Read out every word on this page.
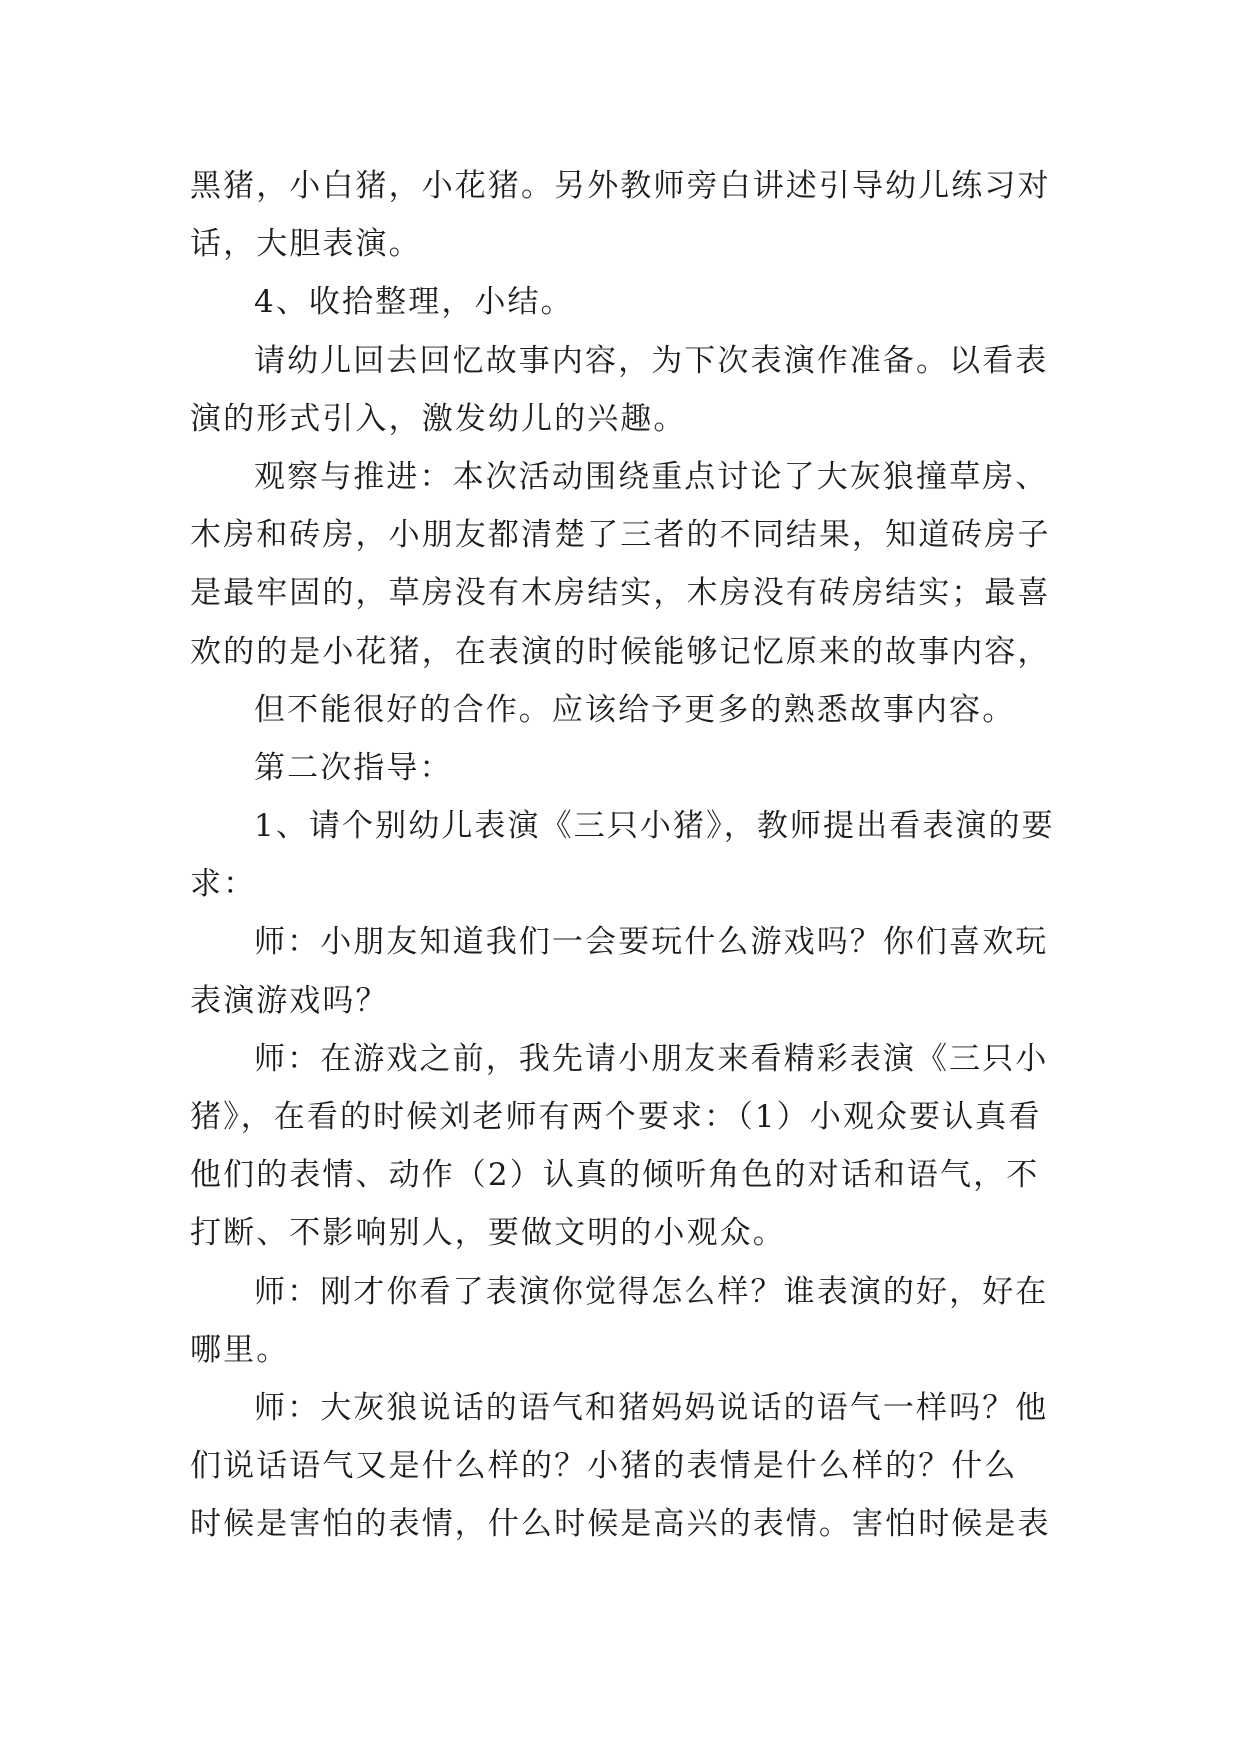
黑猪，小白猪，小花猪。另外教师旁白讲述引导幼儿练习对
话，大胆表演。
4、收拾整理，小结。
请幼儿回去回忆故事内容，为下次表演作准备。以看表
演的形式引入，激发幼儿的兴趣。
观察与推进：本次活动围绕重点讨论了大灰狼撞草房、
木房和砖房，小朋友都清楚了三者的不同结果，知道砖房子
是最牢固的，草房没有木房结实，木房没有砖房结实；最喜
欢的的是小花猪，在表演的时候能够记忆原来的故事内容，
但不能很好的合作。应该给予更多的熟悉故事内容。
第二次指导：
1、请个别幼儿表演《三只小猪》，教师提出看表演的要
求：
师：小朋友知道我们一会要玩什么游戏吗？你们喜欢玩
表演游戏吗？
师：在游戏之前，我先请小朋友来看精彩表演《三只小
猪》，在看的时候刘老师有两个要求：（1）小观众要认真看
他们的表情、动作（2）认真的倾听角色的对话和语气，不
打断、不影响别人，要做文明的小观众。
师：刚才你看了表演你觉得怎么样？谁表演的好，好在
哪里。
师：大灰狼说话的语气和猪妈妈说话的语气一样吗？他
们说话语气又是什么样的？小猪的表情是什么样的？什么
时候是害怕的表情，什么时候是高兴的表情。害怕时候是表
